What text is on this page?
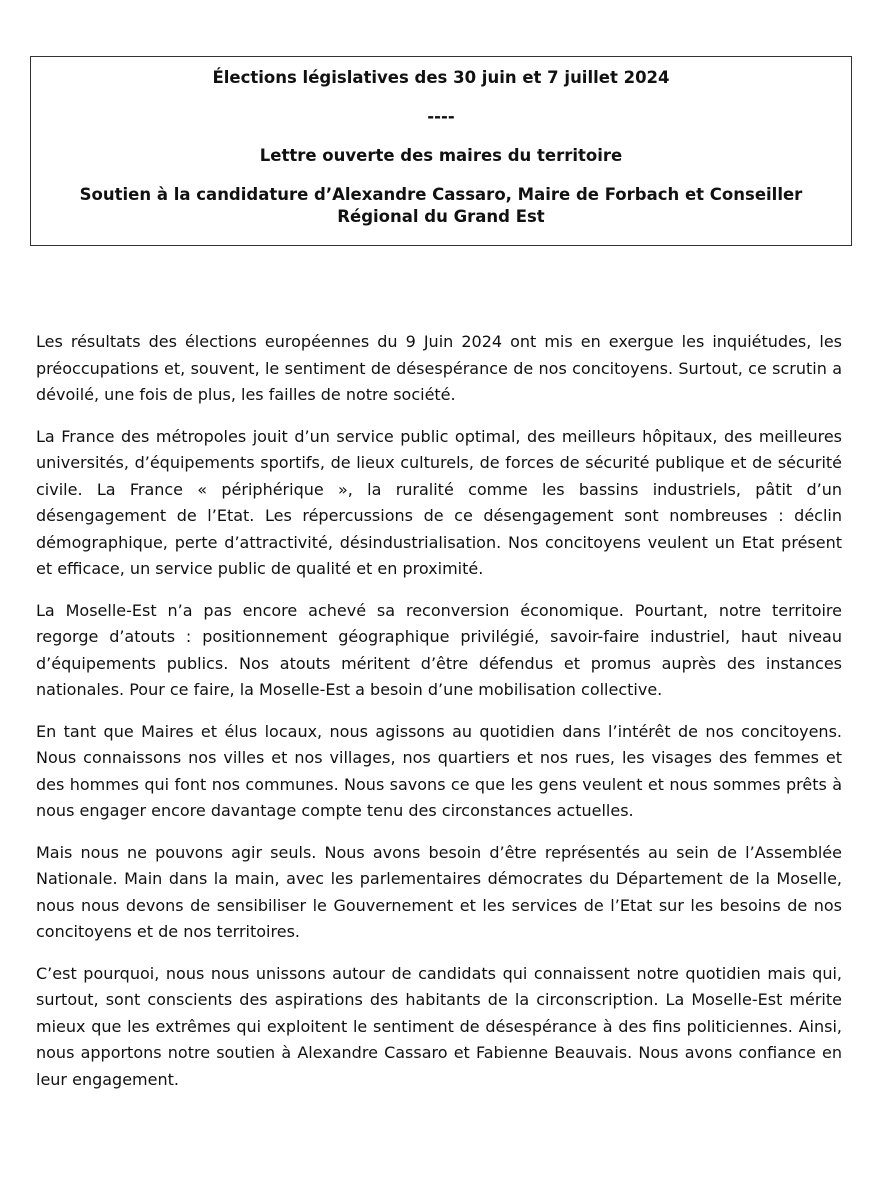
Élections législatives des 30 juin et 7 juillet 2024

----

Lettre ouverte des maires du territoire

Soutien à la candidature d’Alexandre Cassaro, Maire de Forbach et Conseiller Régional du Grand Est

Les résultats des élections européennes du 9 Juin 2024 ont mis en exergue les inquiétudes, les préoccupations et, souvent, le sentiment de désespérance de nos concitoyens. Surtout, ce scrutin a dévoilé, une fois de plus, les failles de notre société.

La France des métropoles jouit d’un service public optimal, des meilleurs hôpitaux, des meilleures universités, d’équipements sportifs, de lieux culturels, de forces de sécurité publique et de sécurité civile. La France « périphérique », la ruralité comme les bassins industriels, pâtit d’un désengagement de l’Etat. Les répercussions de ce désengagement sont nombreuses : déclin démographique, perte d’attractivité, désindustrialisation. Nos concitoyens veulent un Etat présent et efficace, un service public de qualité et en proximité.

La Moselle-Est n’a pas encore achevé sa reconversion économique. Pourtant, notre territoire regorge d’atouts : positionnement géographique privilégié, savoir-faire industriel, haut niveau d’équipements publics. Nos atouts méritent d’être défendus et promus auprès des instances nationales. Pour ce faire, la Moselle-Est a besoin d’une mobilisation collective.

En tant que Maires et élus locaux, nous agissons au quotidien dans l’intérêt de nos concitoyens. Nous connaissons nos villes et nos villages, nos quartiers et nos rues, les visages des femmes et des hommes qui font nos communes. Nous savons ce que les gens veulent et nous sommes prêts à nous engager encore davantage compte tenu des circonstances actuelles.

Mais nous ne pouvons agir seuls. Nous avons besoin d’être représentés au sein de l’Assemblée Nationale. Main dans la main, avec les parlementaires démocrates du Département de la Moselle, nous nous devons de sensibiliser le Gouvernement et les services de l’Etat sur les besoins de nos concitoyens et de nos territoires.

C’est pourquoi, nous nous unissons autour de candidats qui connaissent notre quotidien mais qui, surtout, sont conscients des aspirations des habitants de la circonscription. La Moselle-Est mérite mieux que les extrêmes qui exploitent le sentiment de désespérance à des fins politiciennes. Ainsi, nous apportons notre soutien à Alexandre Cassaro et Fabienne Beauvais. Nous avons confiance en leur engagement.
